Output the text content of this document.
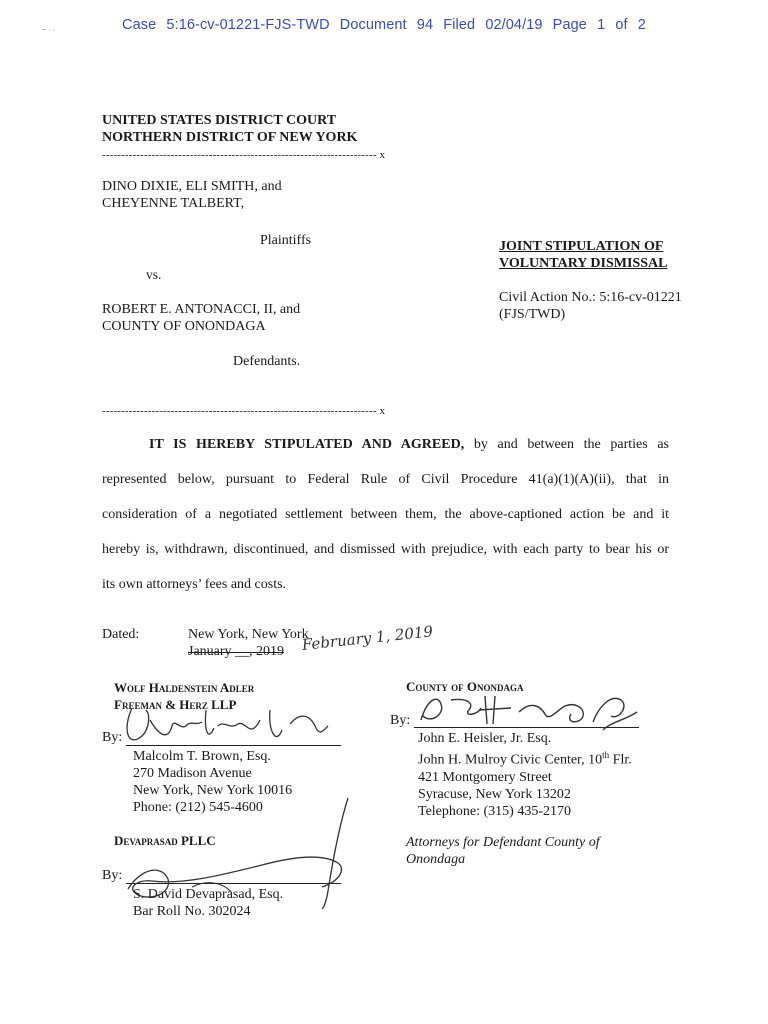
~ · ·	Case 5:16-cv-01221-FJS-TWD Document 94 Filed 02/04/19 Page 1 of 2
UNITED STATES DISTRICT COURT
NORTHERN DISTRICT OF NEW YORK
------------------------------------------------------------------------ x
DINO DIXIE, ELI SMITH, and
CHEYENNE TALBERT,
Plaintiffs
vs.
ROBERT E. ANTONACCI, II, and
COUNTY OF ONONDAGA
Defendants.
------------------------------------------------------------------------ x
JOINT STIPULATION OF
VOLUNTARY DISMISSAL
Civil Action No.: 5:16-cv-01221
(FJS/TWD)
IT IS HEREBY STIPULATED AND AGREED, by and between the parties as
represented below, pursuant to Federal Rule of Civil Procedure 41(a)(1)(A)(ii), that in
consideration of a negotiated settlement between them, the above-captioned action be and it
hereby is, withdrawn, discontinued, and dismissed with prejudice, with each party to bear his or
its own attorneys’ fees and costs.
Dated:	New York, New York
January __, 2019 February 1, 2019
Wolf Haldenstein Adler
Freeman & Herz LLP
By:
Malcolm T. Brown, Esq.
270 Madison Avenue
New York, New York 10016
Phone: (212) 545-4600
Devaprasad PLLC
By:
S. David Devaprasad, Esq.
Bar Roll No. 302024
County of Onondaga
By:
John E. Heisler, Jr. Esq.
John H. Mulroy Civic Center, 10th Flr.
421 Montgomery Street
Syracuse, New York 13202
Telephone: (315) 435-2170
Attorneys for Defendant County of
Onondaga
